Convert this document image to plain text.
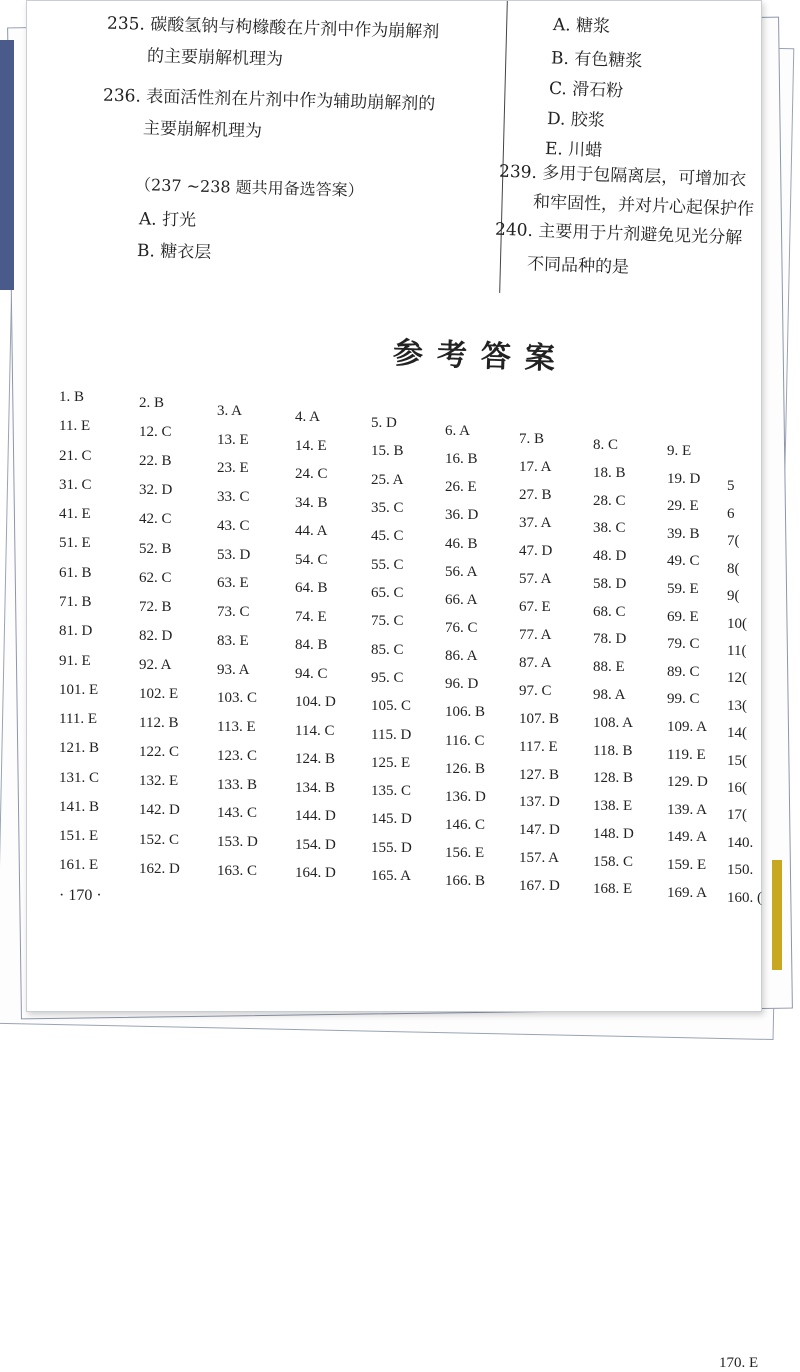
235. 碳酸氢钠与枸橼酸在片剂中作为崩解剂
的主要崩解机理为
236. 表面活性剂在片剂中作为辅助崩解剂的
主要崩解机理为
（237 ~238 题共用备选答案）
A. 打光
B. 糖衣层
A. 糖浆
B. 有色糖浆
C. 滑石粉
D. 胶浆
E. 川蜡
239. 多用于包隔离层，可增加衣
和牢固性，并对片心起保护作
240. 主要用于片剂避免见光分解
不同品种的是
参考答案
1. B
11. E
21. C
31. C
41. E
51. E
61. B
71. B
81. D
91. E
101. E
111. E
121. B
131. C
141. B
151. E
161. E
2. B
12. C
22. B
32. D
42. C
52. B
62. C
72. B
82. D
92. A
102. E
112. B
122. C
132. E
142. D
152. C
162. D
3. A
13. E
23. E
33. C
43. C
53. D
63. E
73. C
83. E
93. A
103. C
113. E
123. C
133. B
143. C
153. D
163. C
4. A
14. E
24. C
34. B
44. A
54. C
64. B
74. E
84. B
94. C
104. D
114. C
124. B
134. B
144. D
154. D
164. D
5. D
15. B
25. A
35. C
45. C
55. C
65. C
75. C
85. C
95. C
105. C
115. D
125. E
135. C
145. D
155. D
165. A
6. A
16. B
26. E
36. D
46. B
56. A
66. A
76. C
86. A
96. D
106. B
116. C
126. B
136. D
146. C
156. E
166. B
7. B
17. A
27. B
37. A
47. D
57. A
67. E
77. A
87. A
97. C
107. B
117. E
127. B
137. D
147. D
157. A
167. D
8. C
18. B
28. C
38. C
48. D
58. D
68. C
78. D
88. E
98. A
108. A
118. B
128. B
138. E
148. D
158. C
168. E
9. E
19. D
29. E
39. B
49. C
59. E
69. E
79. C
89. C
99. C
109. A
119. E
129. D
139. A
149. A
159. E
169. A
5
6
7(
8(
9(
10(
11(
12(
13(
14(
15(
16(
17(
140.
150.
160. (
170. E
· 170 ·
